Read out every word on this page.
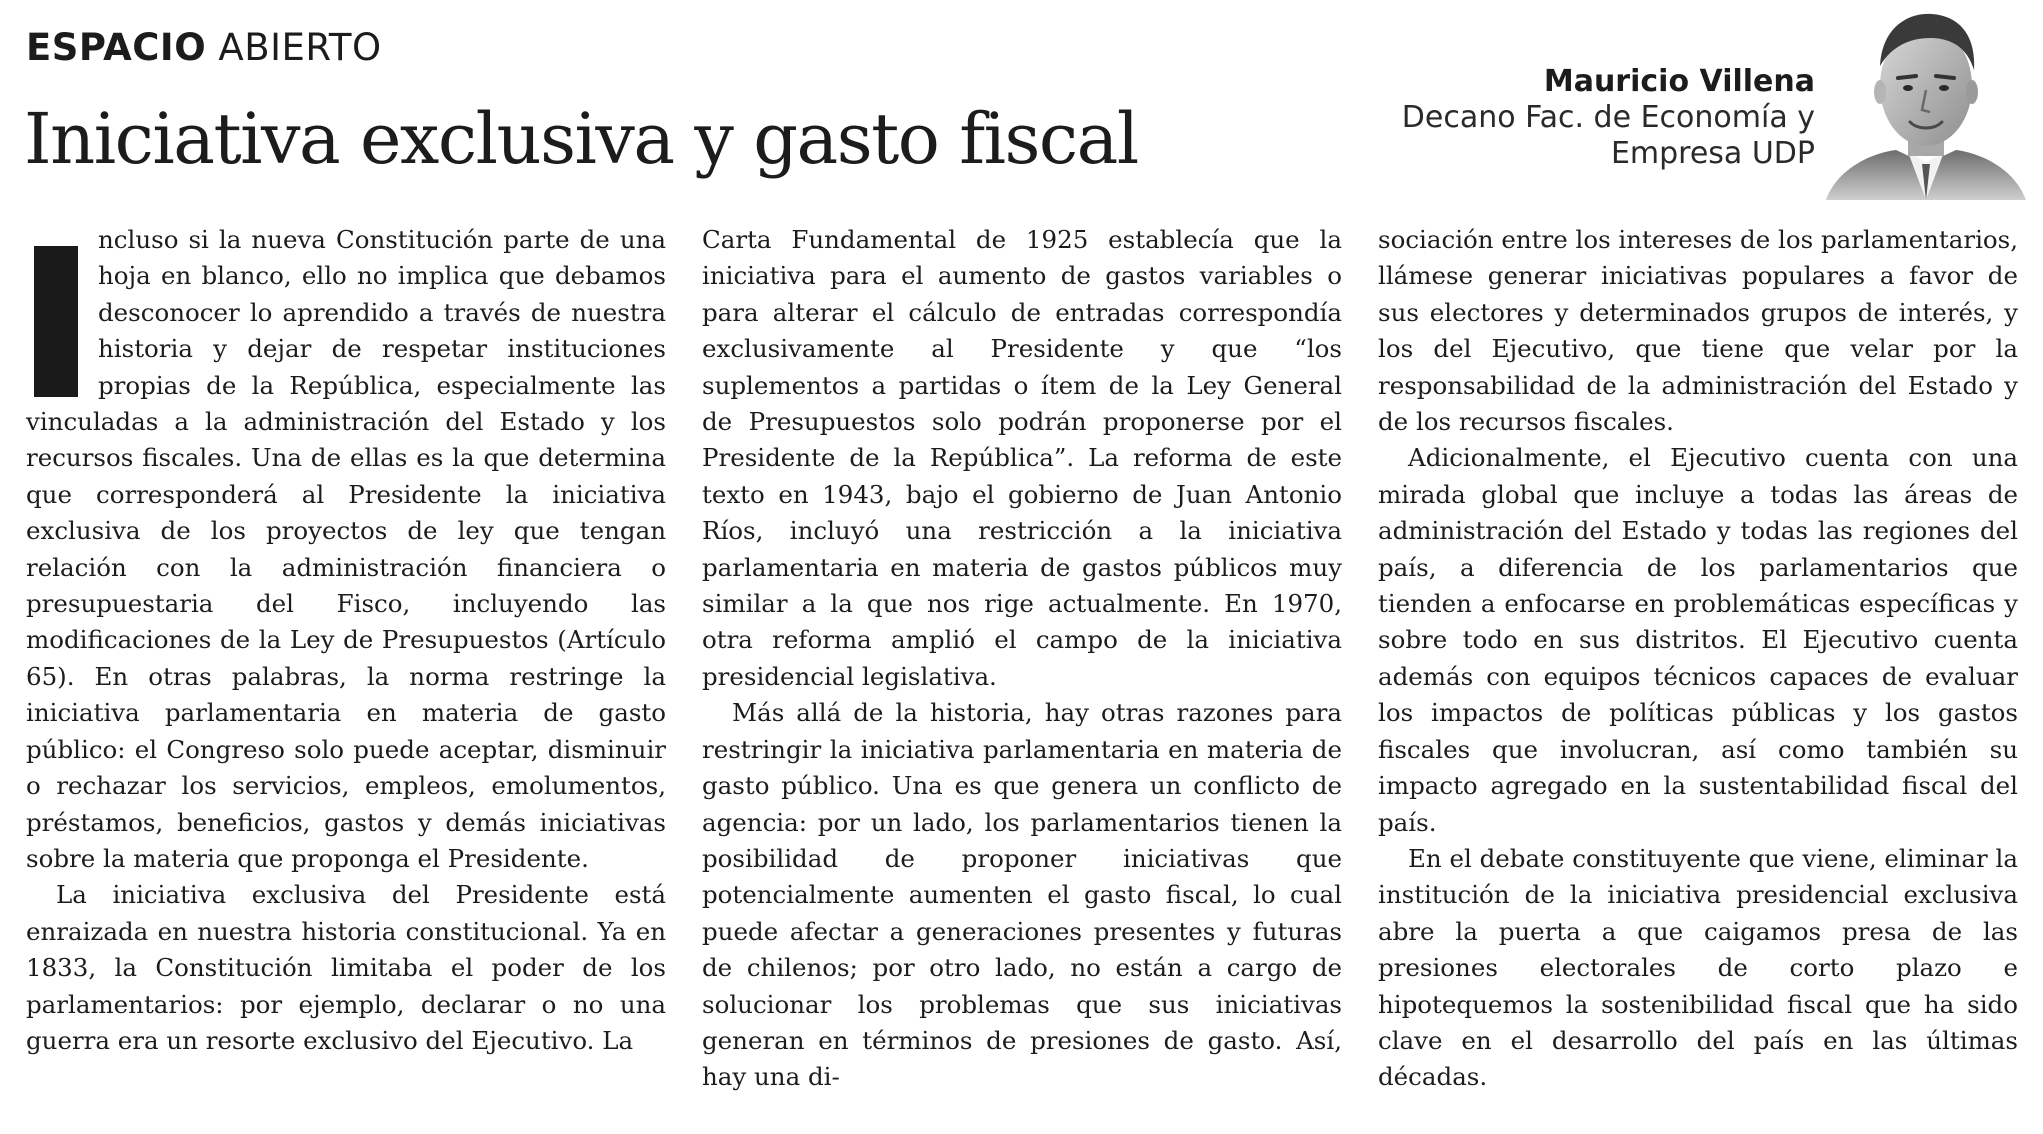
ESPACIO ABIERTO
Iniciativa exclusiva y gasto fiscal
Mauricio Villena
Decano Fac. de Economía y
Empresa UDP

ncluso si la nueva Constitución parte de una hoja en blanco, ello no implica que debamos desconocer lo aprendido a través de nuestra historia y dejar de respetar instituciones propias de la República, especialmente las vinculadas a la administración del Estado y los recursos fiscales. Una de ellas es la que determina que corresponderá al Presidente la iniciativa exclusiva de los proyectos de ley que tengan relación con la administración financiera o presupuestaria del Fisco, incluyendo las modificaciones de la Ley de Presupuestos (Artículo 65). En otras palabras, la norma restringe la iniciativa parlamentaria en materia de gasto público: el Congreso solo puede aceptar, disminuir o rechazar los servicios, empleos, emolumentos, préstamos, beneficios, gastos y demás iniciativas sobre la materia que proponga el Presidente.

La iniciativa exclusiva del Presidente está enraizada en nuestra historia constitucional. Ya en 1833, la Constitución limitaba el poder de los parlamentarios: por ejemplo, declarar o no una guerra era un resorte exclusivo del Ejecutivo. La

Carta Fundamental de 1925 establecía que la iniciativa para el aumento de gastos variables o para alterar el cálculo de entradas correspondía exclusivamente al Presidente y que “los suplementos a partidas o ítem de la Ley General de Presupuestos solo podrán proponerse por el Presidente de la República”. La reforma de este texto en 1943, bajo el gobierno de Juan Antonio Ríos, incluyó una restricción a la iniciativa parlamentaria en materia de gastos públicos muy similar a la que nos rige actualmente. En 1970, otra reforma amplió el campo de la iniciativa presidencial legislativa.

Más allá de la historia, hay otras razones para restringir la iniciativa parlamentaria en materia de gasto público. Una es que genera un conflicto de agencia: por un lado, los parlamentarios tienen la posibilidad de proponer iniciativas que potencialmente aumenten el gasto fiscal, lo cual puede afectar a generaciones presentes y futuras de chilenos; por otro lado, no están a cargo de solucionar los problemas que sus iniciativas generan en términos de presiones de gasto. Así, hay una di-

sociación entre los intereses de los parlamentarios, llámese generar iniciativas populares a favor de sus electores y determinados grupos de interés, y los del Ejecutivo, que tiene que velar por la responsabilidad de la administración del Estado y de los recursos fiscales.

Adicionalmente, el Ejecutivo cuenta con una mirada global que incluye a todas las áreas de administración del Estado y todas las regiones del país, a diferencia de los parlamentarios que tienden a enfocarse en problemáticas específicas y sobre todo en sus distritos. El Ejecutivo cuenta además con equipos técnicos capaces de evaluar los impactos de políticas públicas y los gastos fiscales que involucran, así como también su impacto agregado en la sustentabilidad fiscal del país.

En el debate constituyente que viene, eliminar la institución de la iniciativa presidencial exclusiva abre la puerta a que caigamos presa de las presiones electorales de corto plazo e hipotequemos la sostenibilidad fiscal que ha sido clave en el desarrollo del país en las últimas décadas.
